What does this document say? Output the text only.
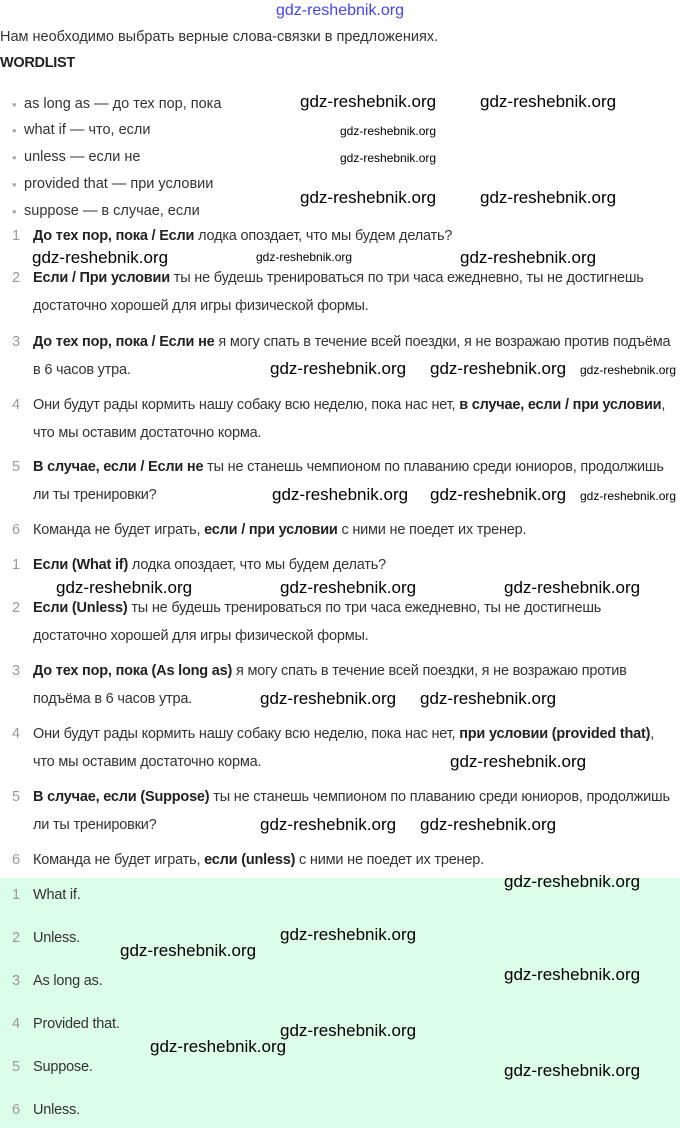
gdz-reshebnik.org
Нам необходимо выбрать верные слова-связки в предложениях.
WORDLIST
• as long as — до тех пор, пока
• what if — что, если
• unless — если не
• provided that — при условии
• suppose — в случае, если
1 До тех пор, пока / Если лодка опоздает, что мы будем делать?
2 Если / При условии ты не будешь тренироваться по три часа ежедневно, ты не достигнешь достаточно хорошей для игры физической формы.
3 До тех пор, пока / Если не я могу спать в течение всей поездки, я не возражаю против подъёма в 6 часов утра.
4 Они будут рады кормить нашу собаку всю неделю, пока нас нет, в случае, если / при условии, что мы оставим достаточно корма.
5 В случае, если / Если не ты не станешь чемпионом по плаванию среди юниоров, продолжишь ли ты тренировки?
6 Команда не будет играть, если / при условии с ними не поедет их тренер.
1 Если (What if) лодка опоздает, что мы будем делать?
2 Если (Unless) ты не будешь тренироваться по три часа ежедневно, ты не достигнешь достаточно хорошей для игры физической формы.
3 До тех пор, пока (As long as) я могу спать в течение всей поездки, я не возражаю против подъёма в 6 часов утра.
4 Они будут рады кормить нашу собаку всю неделю, пока нас нет, при условии (provided that), что мы оставим достаточно корма.
5 В случае, если (Suppose) ты не станешь чемпионом по плаванию среди юниоров, продолжишь ли ты тренировки?
6 Команда не будет играть, если (unless) с ними не поедет их тренер.
1 What if.
2 Unless.
3 As long as.
4 Provided that.
5 Suppose.
6 Unless.
gdz-reshebnik.org
gdz-reshebnik.org
gdz-reshebnik.org
gdz-reshebnik.org
gdz-reshebnik.org
gdz-reshebnik.org	gdz-reshebnik.org
gdz-reshebnik.org	gdz-reshebnik.org
gdz-reshebnik.org	gdz-reshebnik.org
gdz-reshebnik.org gdz-reshebnik.org
gdz-reshebnik.org gdz-reshebnik.org
gdz-reshebnik.org	gdz-reshebnik.org	gdz-reshebnik.org
gdz-reshebnik.org gdz-reshebnik.org
gdz-reshebnik.org
gdz-reshebnik.org gdz-reshebnik.org
gdz-reshebnik.org
gdz-reshebnik.org
gdz-reshebnik.org
gdz-reshebnik.org
gdz-reshebnik.org
gdz-reshebnik.org
gdz-reshebnik.org
